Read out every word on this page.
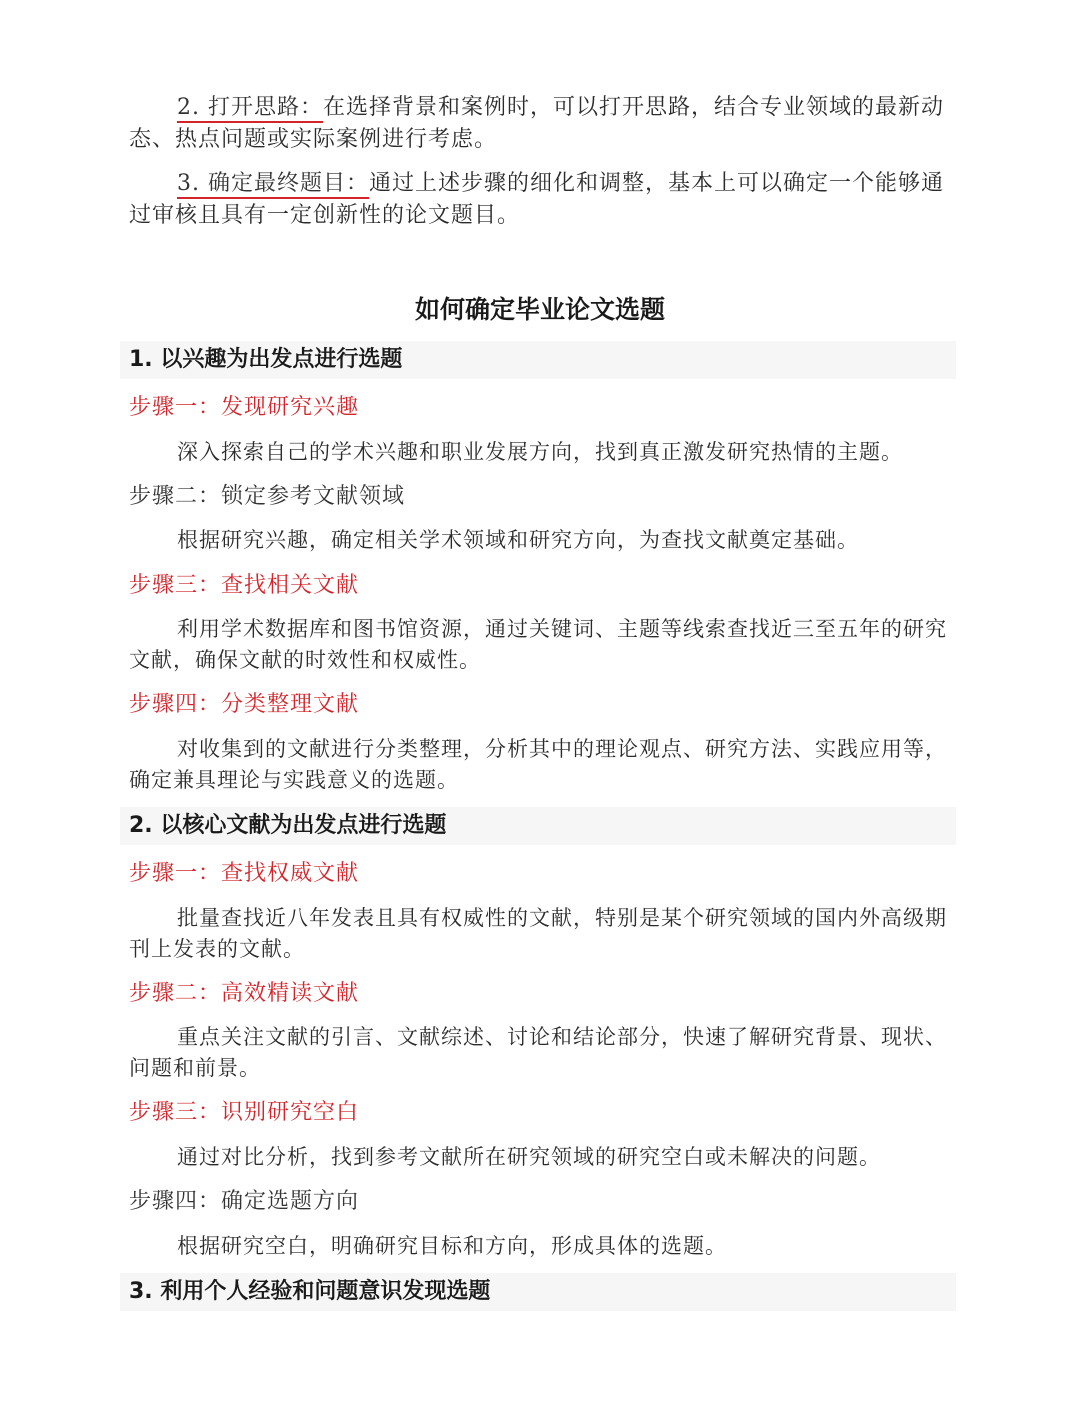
2. 打开思路：在选择背景和案例时，可以打开思路，结合专业领域的最新动态、热点问题或实际案例进行考虑。

3. 确定最终题目：通过上述步骤的细化和调整，基本上可以确定一个能够通过审核且具有一定创新性的论文题目。

如何确定毕业论文选题
1. 以兴趣为出发点进行选题

步骤一：发现研究兴趣

深入探索自己的学术兴趣和职业发展方向，找到真正激发研究热情的主题。

步骤二：锁定参考文献领域

根据研究兴趣，确定相关学术领域和研究方向，为查找文献奠定基础。

步骤三：查找相关文献

利用学术数据库和图书馆资源，通过关键词、主题等线索查找近三至五年的研究文献，确保文献的时效性和权威性。

步骤四：分类整理文献

对收集到的文献进行分类整理，分析其中的理论观点、研究方法、实践应用等，确定兼具理论与实践意义的选题。

2. 以核心文献为出发点进行选题

步骤一：查找权威文献

批量查找近八年发表且具有权威性的文献，特别是某个研究领域的国内外高级期刊上发表的文献。

步骤二：高效精读文献

重点关注文献的引言、文献综述、讨论和结论部分，快速了解研究背景、现状、问题和前景。

步骤三：识别研究空白

通过对比分析，找到参考文献所在研究领域的研究空白或未解决的问题。

步骤四：确定选题方向

根据研究空白，明确研究目标和方向，形成具体的选题。

3. 利用个人经验和问题意识发现选题
